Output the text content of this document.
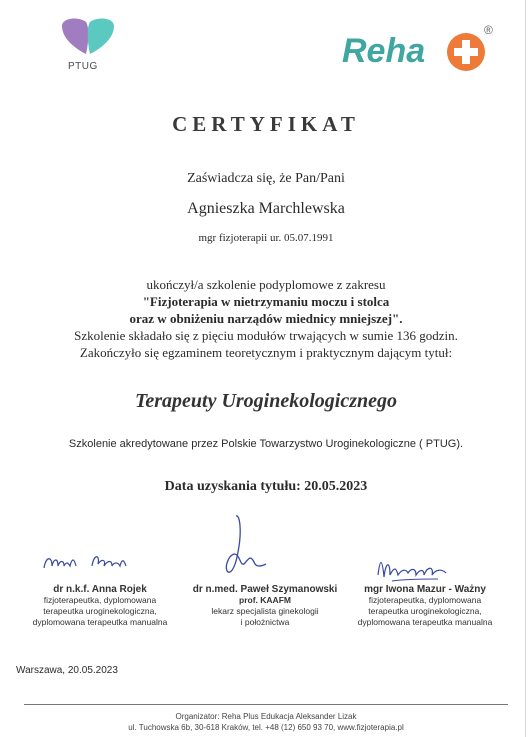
PTUG	Reha
®
CERTYFIKAT
Zaświadcza się, że Pan/Pani
Agnieszka Marchlewska
mgr fizjoterapii ur. 05.07.1991
ukończył/a szkolenie podyplomowe z zakresu
"Fizjoterapia w nietrzymaniu moczu i stolca
oraz w obniżeniu narządów miednicy mniejszej".
Szkolenie składało się z pięciu modułów trwających w sumie 136 godzin.
Zakończyło się egzaminem teoretycznym i praktycznym dającym tytuł:
Terapeuty Uroginekologicznego
Szkolenie akredytowane przez Polskie Towarzystwo Uroginekologiczne ( PTUG).
Data uzyskania tytułu: 20.05.2023
dr n.k.f. Anna Rojek
fizjoterapeutka, dyplomowana
terapeutka uroginekologiczna,
dyplomowana terapeutka manualna
dr n.med. Paweł Szymanowski
prof. KAAFM
lekarz specjalista ginekologii
i położnictwa
mgr Iwona Mazur - Ważny
fizjoterapeutka, dyplomowana
terapeutka uroginekologiczna,
dyplomowana terapeutka manualna
Warszawa, 20.05.2023
Organizator: Reha Plus Edukacja Aleksander Lizak
ul. Tuchowska 6b, 30-618 Kraków, tel. +48 (12) 650 93 70, www.fizjoterapia.pl
